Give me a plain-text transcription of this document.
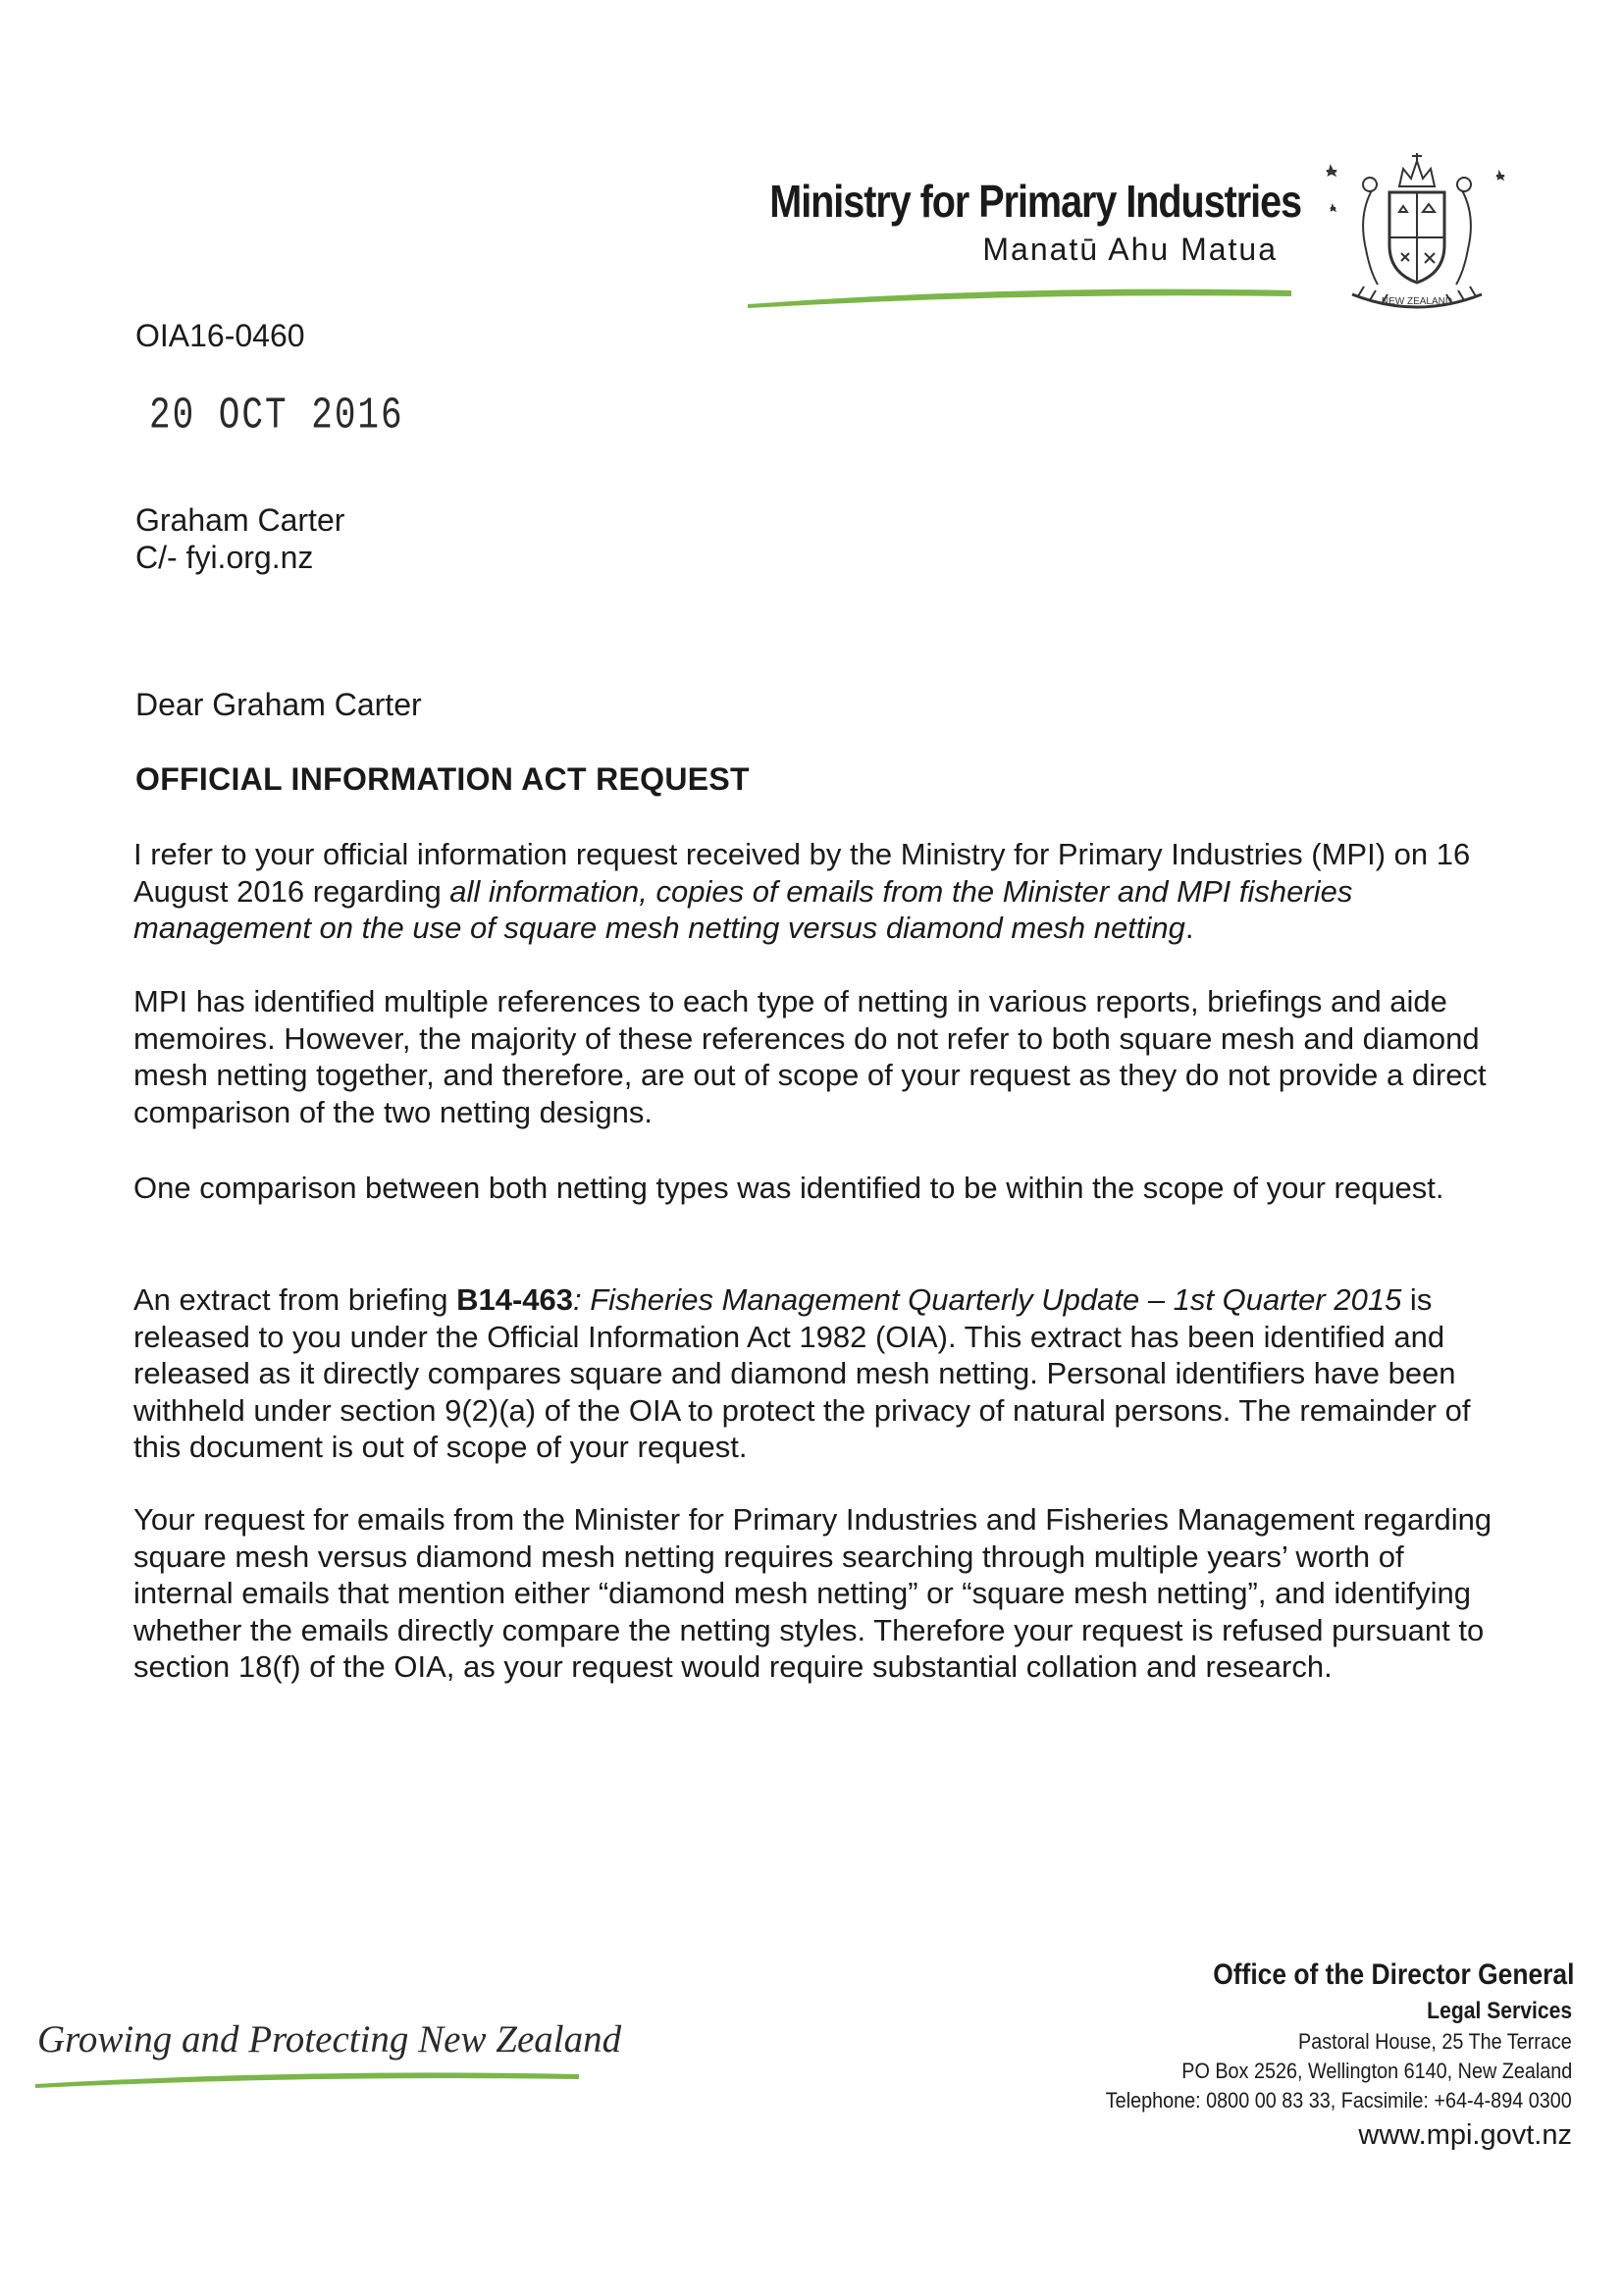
Ministry for Primary Industries
Manatū Ahu Matua
NEW ZEALAND
OIA16-0460
20 OCT 2016
Graham Carter
C/- fyi.org.nz
Dear Graham Carter
OFFICIAL INFORMATION ACT REQUEST

I refer to your official information request received by the Ministry for Primary Industries (MPI) on 16 August 2016 regarding all information, copies of emails from the Minister and MPI fisheries management on the use of square mesh netting versus diamond mesh netting.

MPI has identified multiple references to each type of netting in various reports, briefings and aide memoires. However, the majority of these references do not refer to both square mesh and diamond mesh netting together, and therefore, are out of scope of your request as they do not provide a direct comparison of the two netting designs.

One comparison between both netting types was identified to be within the scope of your request.

An extract from briefing B14-463: Fisheries Management Quarterly Update – 1st Quarter 2015 is released to you under the Official Information Act 1982 (OIA). This extract has been identified and released as it directly compares square and diamond mesh netting. Personal identifiers have been withheld under section 9(2)(a) of the OIA to protect the privacy of natural persons. The remainder of this document is out of scope of your request.

Your request for emails from the Minister for Primary Industries and Fisheries Management regarding square mesh versus diamond mesh netting requires searching through multiple years’ worth of internal emails that mention either “diamond mesh netting” or “square mesh netting”, and identifying whether the emails directly compare the netting styles. Therefore your request is refused pursuant to section 18(f) of the OIA, as your request would require substantial collation and research.

Growing and Protecting New Zealand
Office of the Director General
Legal Services
Pastoral House, 25 The Terrace
PO Box 2526, Wellington 6140, New Zealand
Telephone: 0800 00 83 33, Facsimile: +64-4-894 0300
www.mpi.govt.nz
